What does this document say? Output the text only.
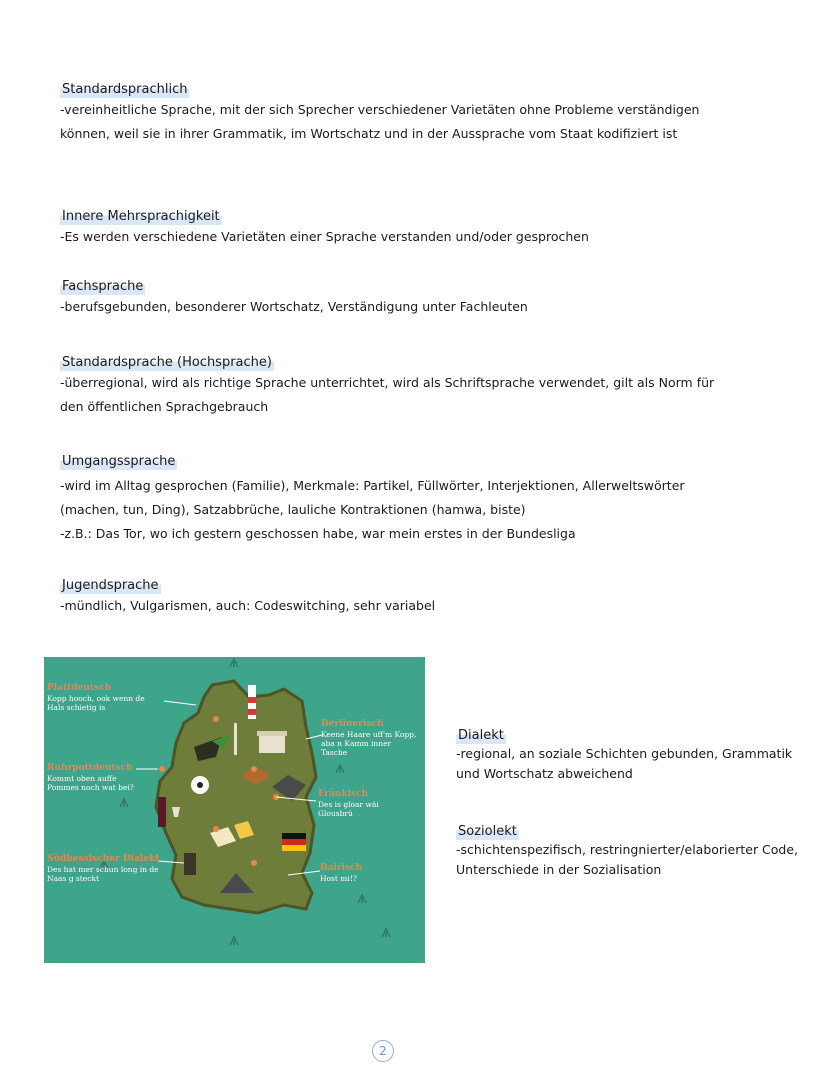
Standardsprachlich

-vereinheitliche Sprache, mit der sich Sprecher verschiedener Varietäten ohne Probleme verständigen

können, weil sie in ihrer Grammatik, im Wortschatz und in der Aussprache vom Staat kodifiziert ist

Innere Mehrsprachigkeit

-Es werden verschiedene Varietäten einer Sprache verstanden und/oder gesprochen

Fachsprache

-berufsgebunden, besonderer Wortschatz, Verständigung unter Fachleuten

Standardsprache (Hochsprache)

-überregional, wird als richtige Sprache unterrichtet, wird als Schriftsprache verwendet, gilt als Norm für

den öffentlichen Sprachgebrauch

Umgangssprache

-wird im Alltag gesprochen (Familie), Merkmale: Partikel, Füllwörter, Interjektionen, Allerweltswörter

(machen, tun, Ding), Satzabbrüche, lauliche Kontraktionen (hamwa, biste)

-z.B.: Das Tor, wo ich gestern geschossen habe, war mein erstes in der Bundesliga

Jugendsprache

-mündlich, Vulgarismen, auch: Codeswitching, sehr variabel

Plattdeutsch
Kopp hooch, ook wenn de
Hals schietig is
Berlinerisch
Keene Haare uff'm Kopp,
aba n Kamm inner
Tasche
Ruhrpottdeutsch
Kommt oben auffe
Pommes noch wat bei?
Fränkisch
Des is gloar wäi
Glousbrü
Südhessischer Dialekt
Des hat mer schun long in de
Naas g steckt
Bairisch
Host mi!?
Dialekt

-regional, an soziale Schichten gebunden, Grammatik

und Wortschatz abweichend

Soziolekt

-schichtenspezifisch, restringnierter/elaborierter Code,

Unterschiede in der Sozialisation

2
